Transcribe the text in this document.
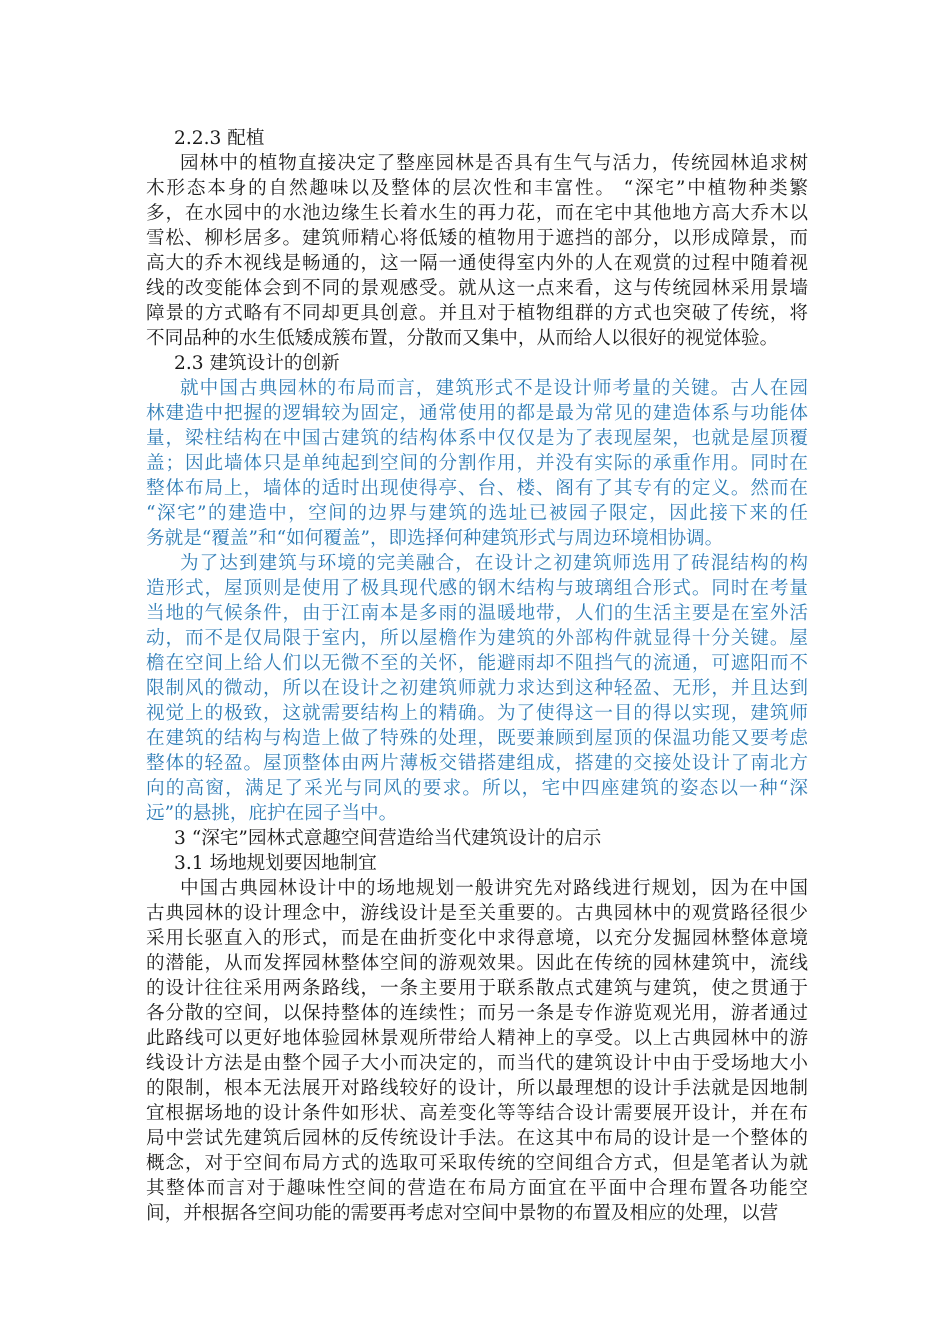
2.2.3 配植
园林中的植物直接决定了整座园林是否具有生气与活力，传统园林追求树
木形态本身的自然趣味以及整体的层次性和丰富性。 “深宅”中植物种类繁
多，在水园中的水池边缘生长着水生的再力花，而在宅中其他地方高大乔木以
雪松、柳杉居多。建筑师精心将低矮的植物用于遮挡的部分，以形成障景，而
高大的乔木视线是畅通的，这一隔一通使得室内外的人在观赏的过程中随着视
线的改变能体会到不同的景观感受。就从这一点来看，这与传统园林采用景墙
障景的方式略有不同却更具创意。并且对于植物组群的方式也突破了传统，将
不同品种的水生低矮成簇布置，分散而又集中，从而给人以很好的视觉体验。
2.3 建筑设计的创新
就中国古典园林的布局而言，建筑形式不是设计师考量的关键。古人在园
林建造中把握的逻辑较为固定，通常使用的都是最为常见的建造体系与功能体
量，梁柱结构在中国古建筑的结构体系中仅仅是为了表现屋架，也就是屋顶覆
盖；因此墙体只是单纯起到空间的分割作用，并没有实际的承重作用。同时在
整体布局上，墙体的适时出现使得亭、台、楼、阁有了其专有的定义。然而在
“深宅”的建造中，空间的边界与建筑的选址已被园子限定，因此接下来的任
务就是“覆盖”和“如何覆盖”，即选择何种建筑形式与周边环境相协调。
为了达到建筑与环境的完美融合，在设计之初建筑师选用了砖混结构的构
造形式，屋顶则是使用了极具现代感的钢木结构与玻璃组合形式。同时在考量
当地的气候条件，由于江南本是多雨的温暖地带，人们的生活主要是在室外活
动，而不是仅局限于室内，所以屋檐作为建筑的外部构件就显得十分关键。屋
檐在空间上给人们以无微不至的关怀，能避雨却不阻挡气的流通，可遮阳而不
限制风的微动，所以在设计之初建筑师就力求达到这种轻盈、无形，并且达到
视觉上的极致，这就需要结构上的精确。为了使得这一目的得以实现，建筑师
在建筑的结构与构造上做了特殊的处理，既要兼顾到屋顶的保温功能又要考虑
整体的轻盈。屋顶整体由两片薄板交错搭建组成，搭建的交接处设计了南北方
向的高窗，满足了采光与同风的要求。所以，宅中四座建筑的姿态以一种“深
远”的悬挑，庇护在园子当中。
3 “深宅”园林式意趣空间营造给当代建筑设计的启示
3.1 场地规划要因地制宜
中国古典园林设计中的场地规划一般讲究先对路线进行规划，因为在中国
古典园林的设计理念中，游线设计是至关重要的。古典园林中的观赏路径很少
采用长驱直入的形式，而是在曲折变化中求得意境，以充分发掘园林整体意境
的潜能，从而发挥园林整体空间的游观效果。因此在传统的园林建筑中，流线
的设计往往采用两条路线，一条主要用于联系散点式建筑与建筑，使之贯通于
各分散的空间，以保持整体的连续性；而另一条是专作游览观光用，游者通过
此路线可以更好地体验园林景观所带给人精神上的享受。以上古典园林中的游
线设计方法是由整个园子大小而决定的，而当代的建筑设计中由于受场地大小
的限制，根本无法展开对路线较好的设计，所以最理想的设计手法就是因地制
宜根据场地的设计条件如形状、高差变化等等结合设计需要展开设计，并在布
局中尝试先建筑后园林的反传统设计手法。在这其中布局的设计是一个整体的
概念，对于空间布局方式的选取可采取传统的空间组合方式，但是笔者认为就
其整体而言对于趣味性空间的营造在布局方面宜在平面中合理布置各功能空
间，并根据各空间功能的需要再考虑对空间中景物的布置及相应的处理，以营
